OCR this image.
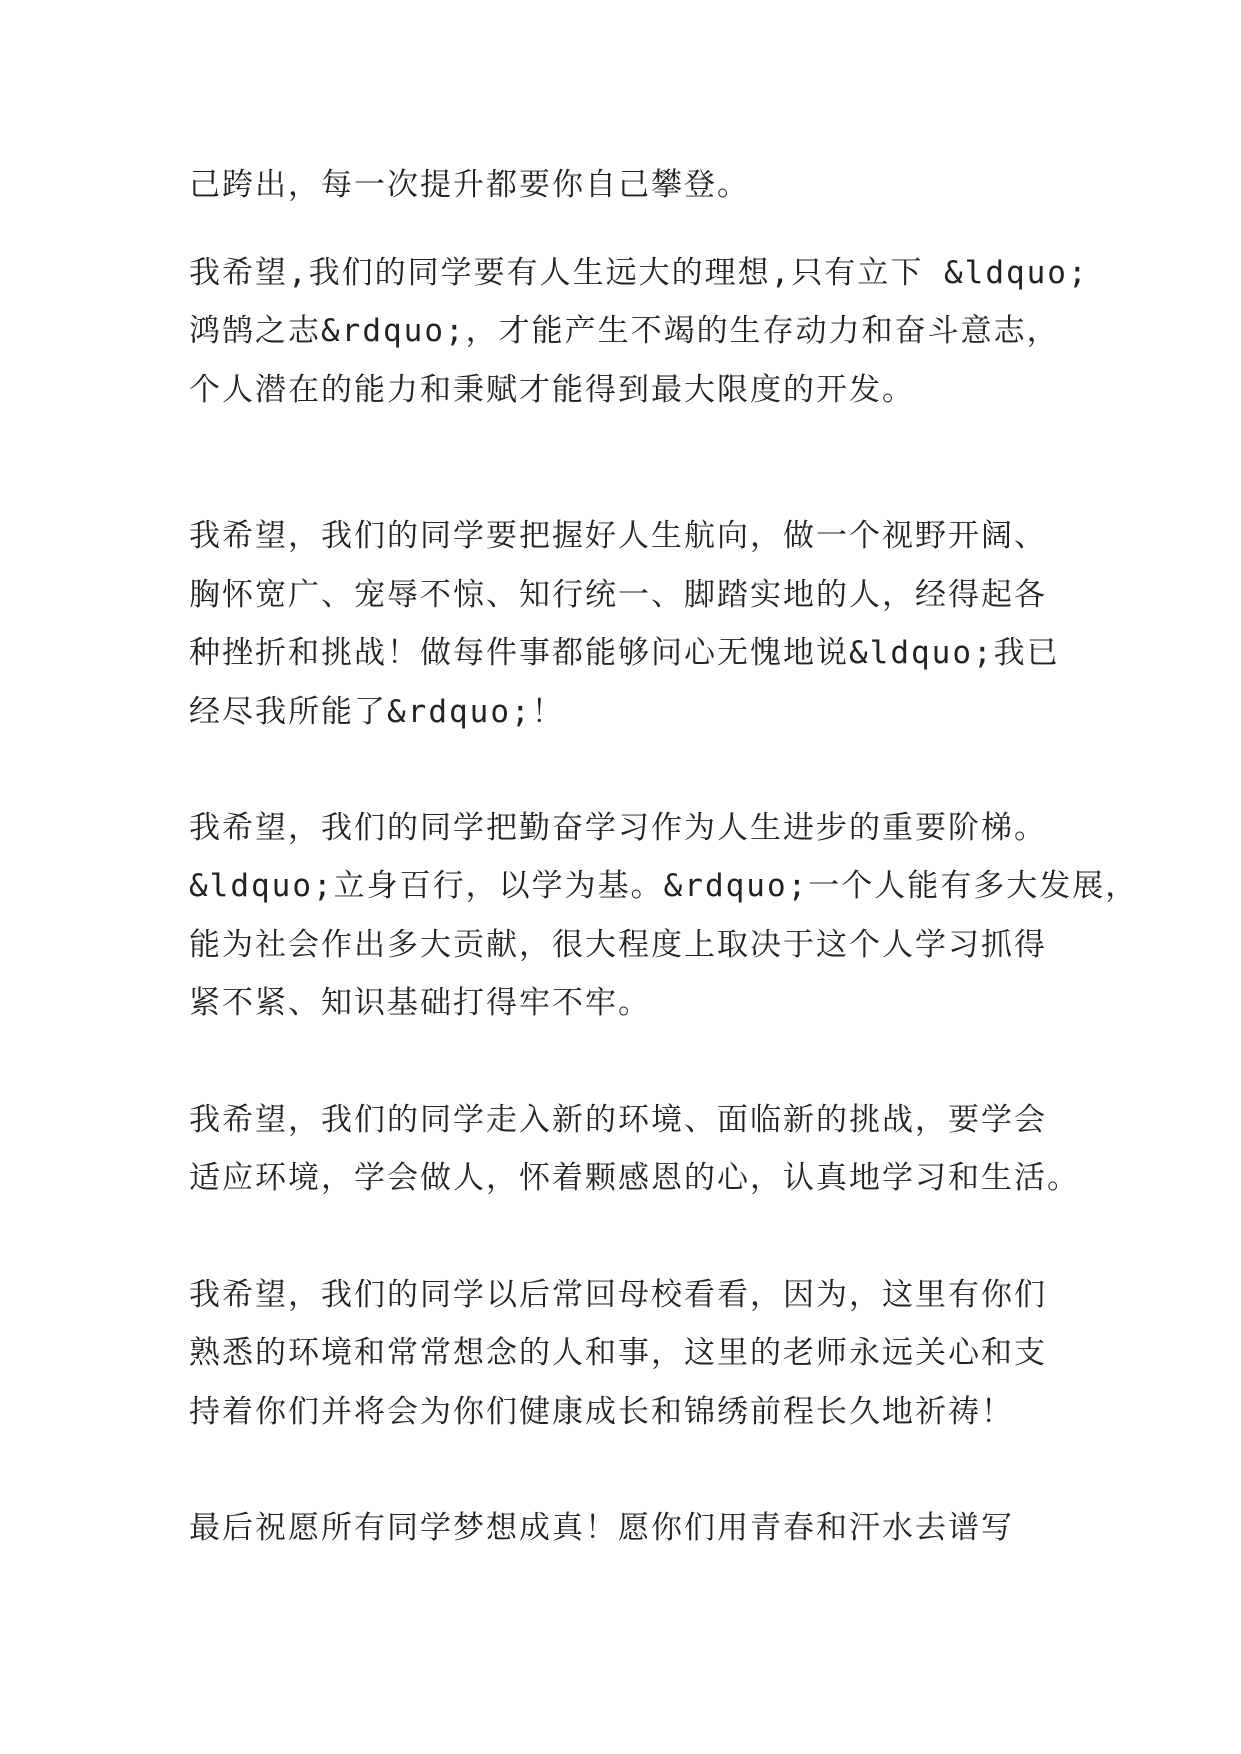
己跨出，每一次提升都要你自己攀登。
我希望,我们的同学要有人生远大的理想,只有立下 &ldquo;
鸿鹄之志&rdquo;，才能产生不竭的生存动力和奋斗意志，
个人潜在的能力和秉赋才能得到最大限度的开发。
我希望，我们的同学要把握好人生航向，做一个视野开阔、
胸怀宽广、宠辱不惊、知行统一、脚踏实地的人，经得起各
种挫折和挑战！做每件事都能够问心无愧地说&ldquo;我已
经尽我所能了&rdquo;！
我希望，我们的同学把勤奋学习作为人生进步的重要阶梯。
&ldquo;立身百行，以学为基。&rdquo;一个人能有多大发展，
能为社会作出多大贡献，很大程度上取决于这个人学习抓得
紧不紧、知识基础打得牢不牢。
我希望，我们的同学走入新的环境、面临新的挑战，要学会
适应环境，学会做人，怀着颗感恩的心，认真地学习和生活。
我希望，我们的同学以后常回母校看看，因为，这里有你们
熟悉的环境和常常想念的人和事，这里的老师永远关心和支
持着你们并将会为你们健康成长和锦绣前程长久地祈祷！
最后祝愿所有同学梦想成真！愿你们用青春和汗水去谱写
